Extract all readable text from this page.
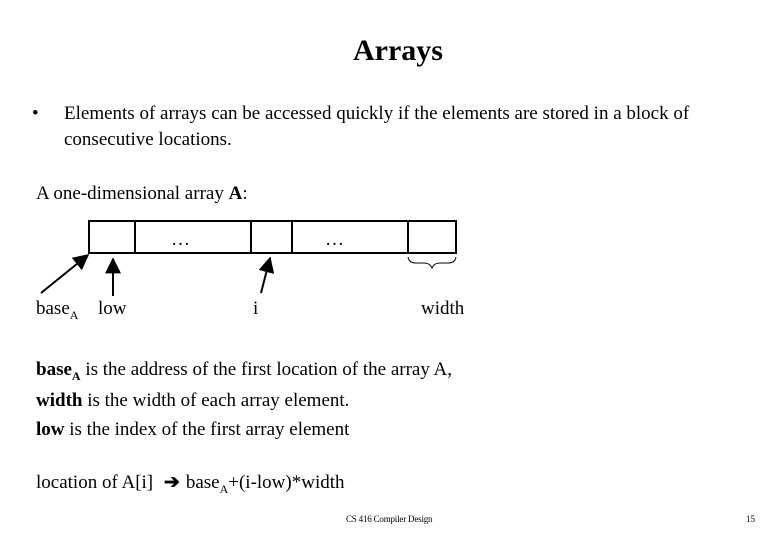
Arrays
•	Elements of arrays can be accessed quickly if the elements are stored in a block of consecutive locations.
A one-dimensional array A:
…	…
base$_A$ low	i	width
base$_A$ is the address of the first location of the array A,
width is the width of each array element.
low is the index of the first array element
location of A[i] ➔ base$_A$+(i-low)*width
CS 416 Compiler Design	15
